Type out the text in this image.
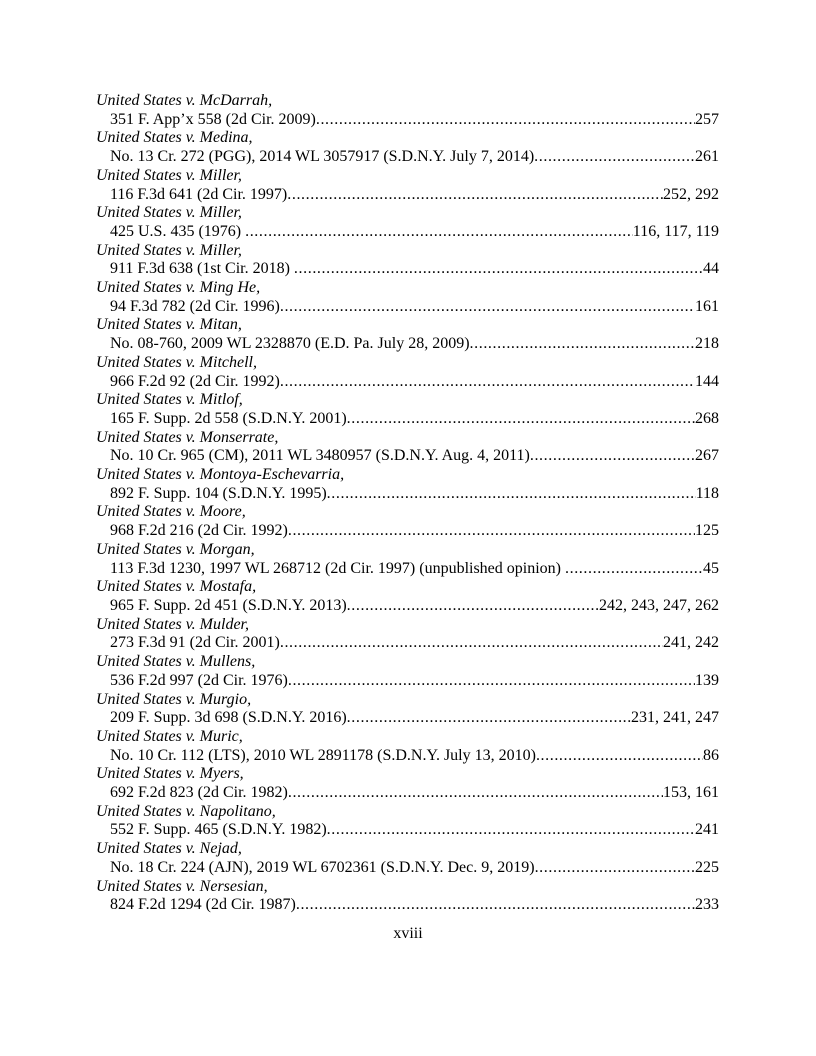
United States v. McDarrah,
351 F. App’x 558 (2d Cir. 2009) .....	257
United States v. Medina,
No. 13 Cr. 272 (PGG), 2014 WL 3057917 (S.D.N.Y. July 7, 2014) .....	261
United States v. Miller,
116 F.3d 641 (2d Cir. 1997) .....	252, 292
United States v. Miller,
425 U.S. 435 (1976) .....	116, 117, 119
United States v. Miller,
911 F.3d 638 (1st Cir. 2018) .....	44
United States v. Ming He,
94 F.3d 782 (2d Cir. 1996) .....	161
United States v. Mitan,
No. 08-760, 2009 WL 2328870 (E.D. Pa. July 28, 2009) .....	218
United States v. Mitchell,
966 F.2d 92 (2d Cir. 1992) .....	144
United States v. Mitlof,
165 F. Supp. 2d 558 (S.D.N.Y. 2001) .....	268
United States v. Monserrate,
No. 10 Cr. 965 (CM), 2011 WL 3480957 (S.D.N.Y. Aug. 4, 2011) .....	267
United States v. Montoya-Eschevarria,
892 F. Supp. 104 (S.D.N.Y. 1995) .....	118
United States v. Moore,
968 F.2d 216 (2d Cir. 1992) .....	125
United States v. Morgan,
113 F.3d 1230, 1997 WL 268712 (2d Cir. 1997) (unpublished opinion) .....	45
United States v. Mostafa,
965 F. Supp. 2d 451 (S.D.N.Y. 2013) .....	242, 243, 247, 262
United States v. Mulder,
273 F.3d 91 (2d Cir. 2001) .....	241, 242
United States v. Mullens,
536 F.2d 997 (2d Cir. 1976) .....	139
United States v. Murgio,
209 F. Supp. 3d 698 (S.D.N.Y. 2016) .....	231, 241, 247
United States v. Muric,
No. 10 Cr. 112 (LTS), 2010 WL 2891178 (S.D.N.Y. July 13, 2010) .....	86
United States v. Myers,
692 F.2d 823 (2d Cir. 1982) .....	153, 161
United States v. Napolitano,
552 F. Supp. 465 (S.D.N.Y. 1982) .....	241
United States v. Nejad,
No. 18 Cr. 224 (AJN), 2019 WL 6702361 (S.D.N.Y. Dec. 9, 2019) .....	225
United States v. Nersesian,
824 F.2d 1294 (2d Cir. 1987) .....	233
xviii
